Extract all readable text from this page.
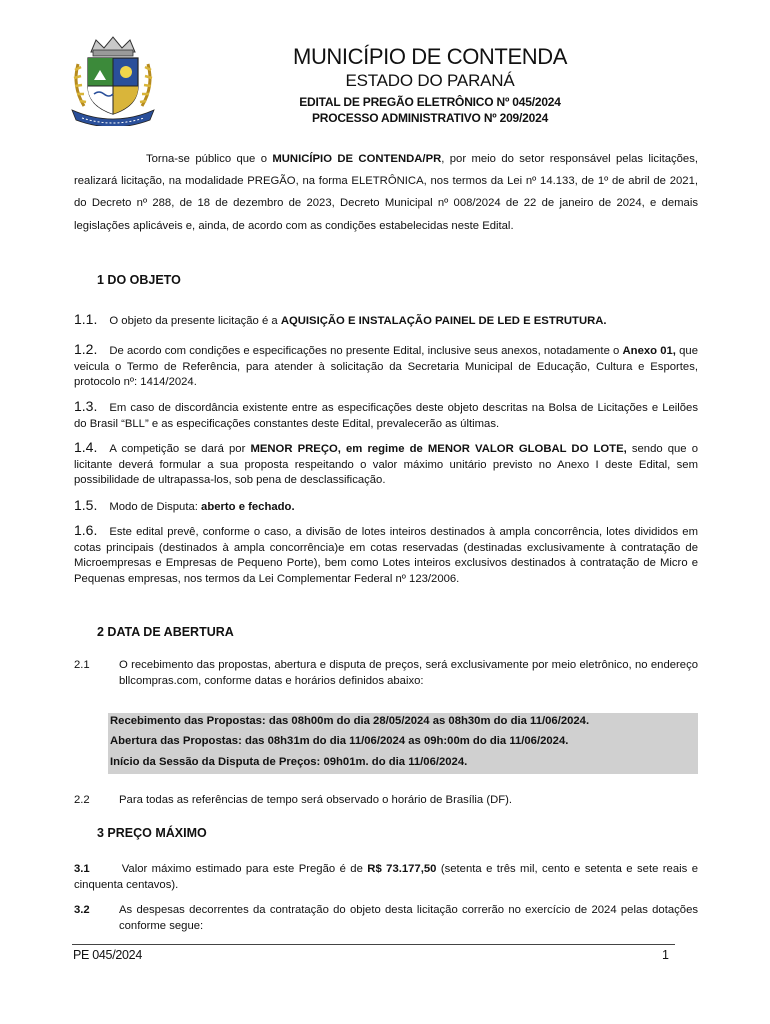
MUNICÍPIO DE CONTENDA
ESTADO DO PARANÁ
EDITAL DE PREGÃO ELETRÔNICO Nº 045/2024
PROCESSO ADMINISTRATIVO Nº 209/2024
Torna-se público que o MUNICÍPIO DE CONTENDA/PR, por meio do setor responsável pelas licitações, realizará licitação, na modalidade PREGÃO, na forma ELETRÔNICA, nos termos da Lei nº 14.133, de 1º de abril de 2021, do Decreto nº 288, de 18 de dezembro de 2023, Decreto Municipal nº 008/2024 de 22 de janeiro de 2024, e demais legislações aplicáveis e, ainda, de acordo com as condições estabelecidas neste Edital.
1 DO OBJETO
1.1. O objeto da presente licitação é a AQUISIÇÃO E INSTALAÇÃO PAINEL DE LED E ESTRUTURA.
1.2. De acordo com condições e especificações no presente Edital, inclusive seus anexos, notadamente o Anexo 01, que veicula o Termo de Referência, para atender à solicitação da Secretaria Municipal de Educação, Cultura e Esportes, protocolo nº: 1414/2024.
1.3. Em caso de discordância existente entre as especificações deste objeto descritas na Bolsa de Licitações e Leilões do Brasil “BLL” e as especificações constantes deste Edital, prevalecerão as últimas.
1.4. A competição se dará por MENOR PREÇO, em regime de MENOR VALOR GLOBAL DO LOTE, sendo que o licitante deverá formular a sua proposta respeitando o valor máximo unitário previsto no Anexo I deste Edital, sem possibilidade de ultrapassa-los, sob pena de desclassificação.
1.5. Modo de Disputa: aberto e fechado.
1.6. Este edital prevê, conforme o caso, a divisão de lotes inteiros destinados à ampla concorrência, lotes divididos em cotas principais (destinados à ampla concorrência)e em cotas reservadas (destinadas exclusivamente à contratação de Microempresas e Empresas de Pequeno Porte), bem como Lotes inteiros exclusivos destinados à contratação de Micro e Pequenas empresas, nos termos da Lei Complementar Federal nº 123/2006.
2 DATA DE ABERTURA
2.1	O recebimento das propostas, abertura e disputa de preços, será exclusivamente por meio eletrônico, no endereço bllcompras.com, conforme datas e horários definidos abaixo:
Recebimento das Propostas: das 08h00m do dia 28/05/2024 as 08h30m do dia 11/06/2024.
Abertura das Propostas: das 08h31m do dia 11/06/2024 as 09h:00m do dia 11/06/2024.
Início da Sessão da Disputa de Preços: 09h01m. do dia 11/06/2024.
2.2	Para todas as referências de tempo será observado o horário de Brasília (DF).
3 PREÇO MÁXIMO
3.1	Valor máximo estimado para este Pregão é de R$ 73.177,50 (setenta e três mil, cento e setenta e sete reais e cinquenta centavos).
3.2	As despesas decorrentes da contratação do objeto desta licitação correrão no exercício de 2024 pelas dotações conforme segue:
PE 045/2024	1
